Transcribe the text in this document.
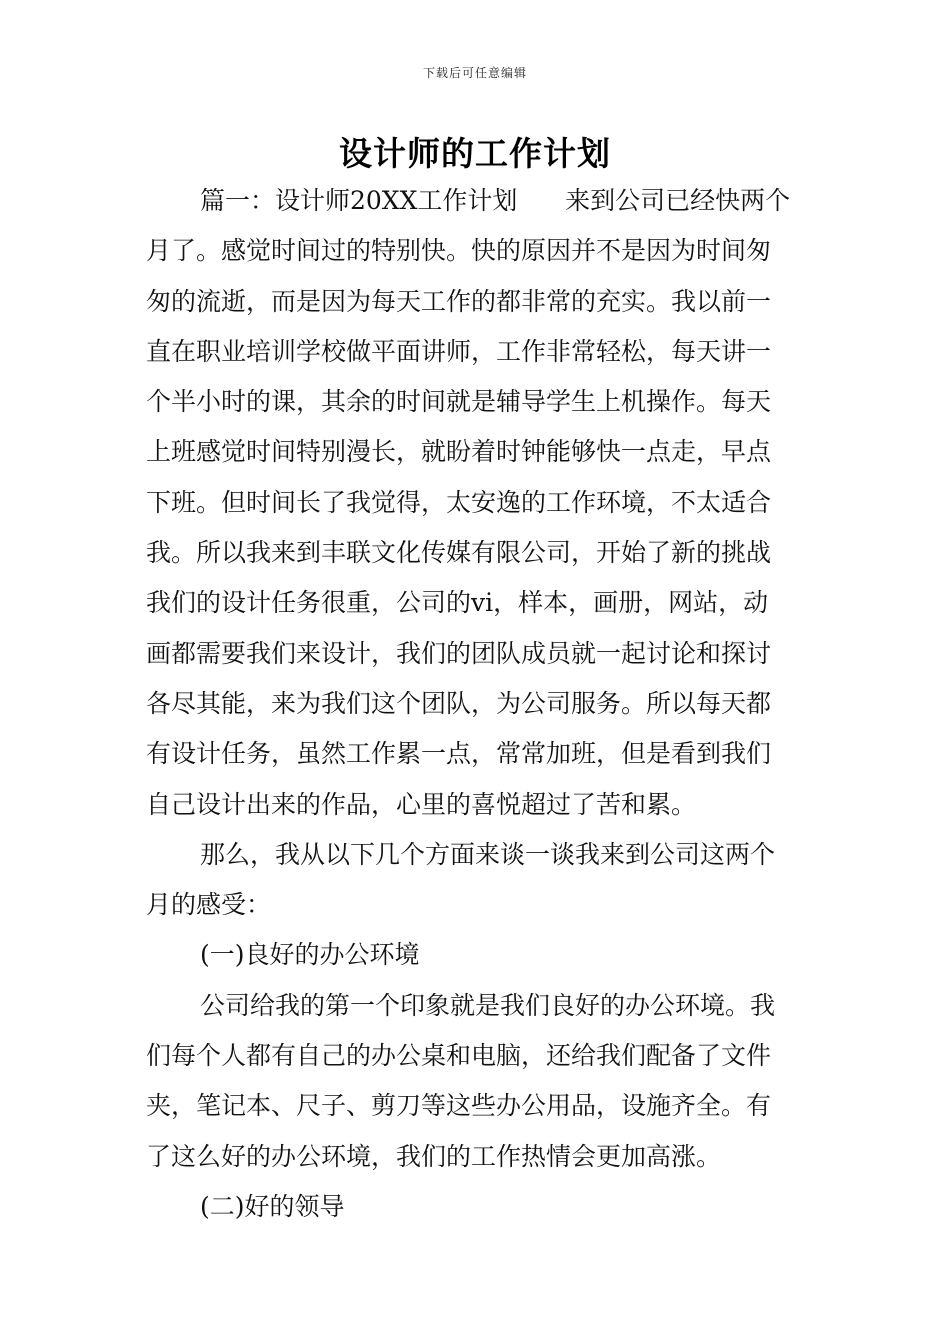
下载后可任意编辑
设计师的工作计划
篇一：设计师20XX工作计划      来到公司已经快两个
月了。感觉时间过的特别快。快的原因并不是因为时间匆
匆的流逝，而是因为每天工作的都非常的充实。我以前一
直在职业培训学校做平面讲师，工作非常轻松，每天讲一
个半小时的课，其余的时间就是辅导学生上机操作。每天
上班感觉时间特别漫长，就盼着时钟能够快一点走，早点
下班。但时间长了我觉得，太安逸的工作环境，不太适合
我。所以我来到丰联文化传媒有限公司，开始了新的挑战
我们的设计任务很重，公司的vi，样本，画册，网站，动
画都需要我们来设计，我们的团队成员就一起讨论和探讨
各尽其能，来为我们这个团队，为公司服务。所以每天都
有设计任务，虽然工作累一点，常常加班，但是看到我们
自己设计出来的作品，心里的喜悦超过了苦和累。
那么，我从以下几个方面来谈一谈我来到公司这两个
月的感受：
(一)良好的办公环境
公司给我的第一个印象就是我们良好的办公环境。我
们每个人都有自己的办公桌和电脑，还给我们配备了文件
夹，笔记本、尺子、剪刀等这些办公用品，设施齐全。有
了这么好的办公环境，我们的工作热情会更加高涨。
(二)好的领导
